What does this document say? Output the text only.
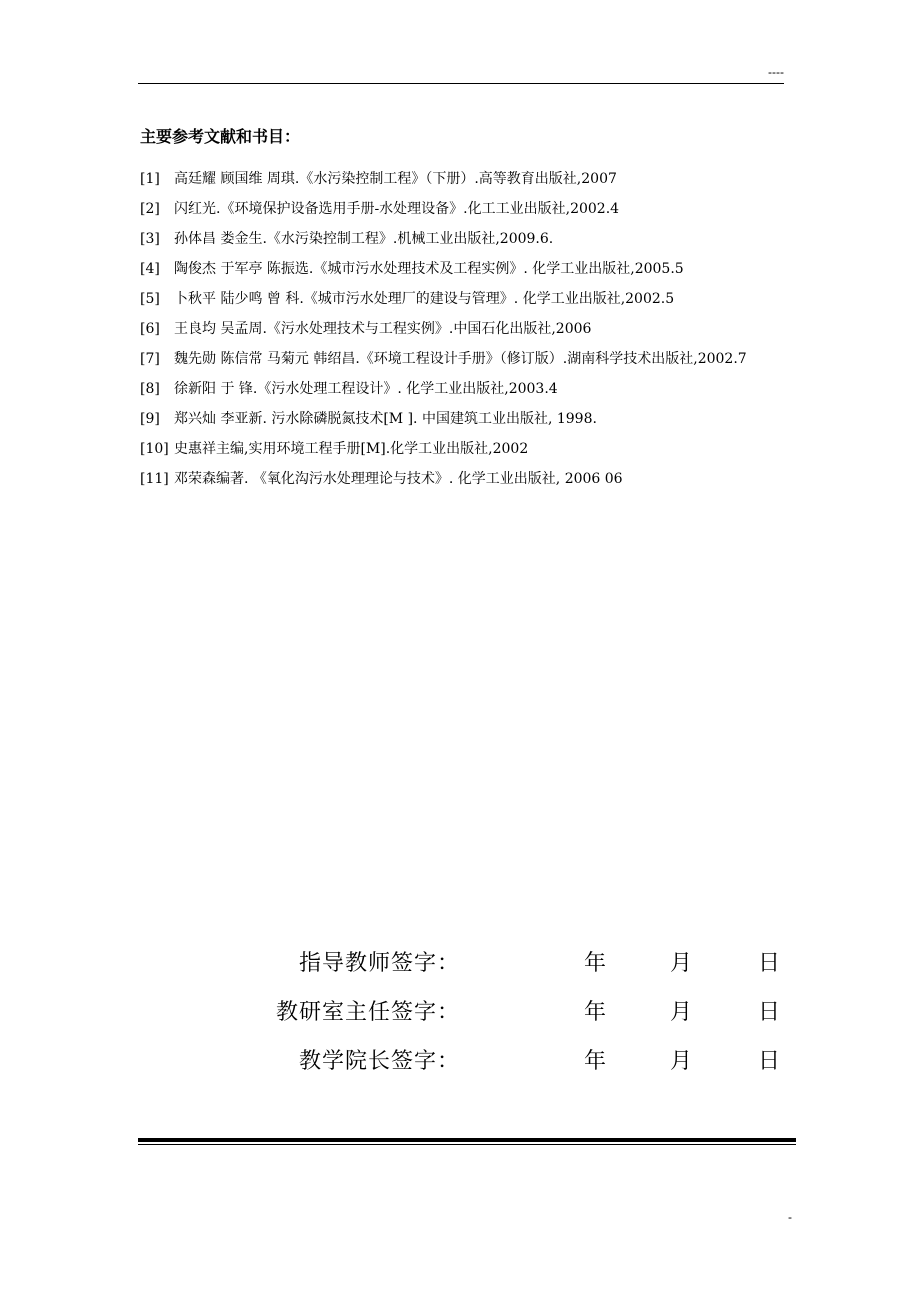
----
主要参考文献和书目：
[1] 高廷耀 顾国维 周琪.《水污染控制工程》（下册）.高等教育出版社,2007
[2] 闪红光.《环境保护设备选用手册-水处理设备》.化工工业出版社,2002.4
[3] 孙体昌 娄金生.《水污染控制工程》.机械工业出版社,2009.6.
[4] 陶俊杰 于军亭 陈振选.《城市污水处理技术及工程实例》. 化学工业出版社,2005.5
[5] 卜秋平 陆少鸣 曾 科.《城市污水处理厂的建设与管理》. 化学工业出版社,2002.5
[6] 王良均 吴孟周.《污水处理技术与工程实例》.中国石化出版社,2006
[7] 魏先勋 陈信常 马菊元 韩绍昌.《环境工程设计手册》（修订版）.湖南科学技术出版社,2002.7
[8] 徐新阳 于 锋.《污水处理工程设计》. 化学工业出版社,2003.4
[9] 郑兴灿 李亚新. 污水除磷脱氮技术[M ]. 中国建筑工业出版社, 1998.
[10] 史惠祥主编,实用环境工程手册[M].化学工业出版社,2002
[11] 邓荣森编著. 《氧化沟污水处理理论与技术》. 化学工业出版社, 2006 06
指导教师签字：	年	月	日
教研室主任签字：	年	月	日
教学院长签字：	年	月	日
-
